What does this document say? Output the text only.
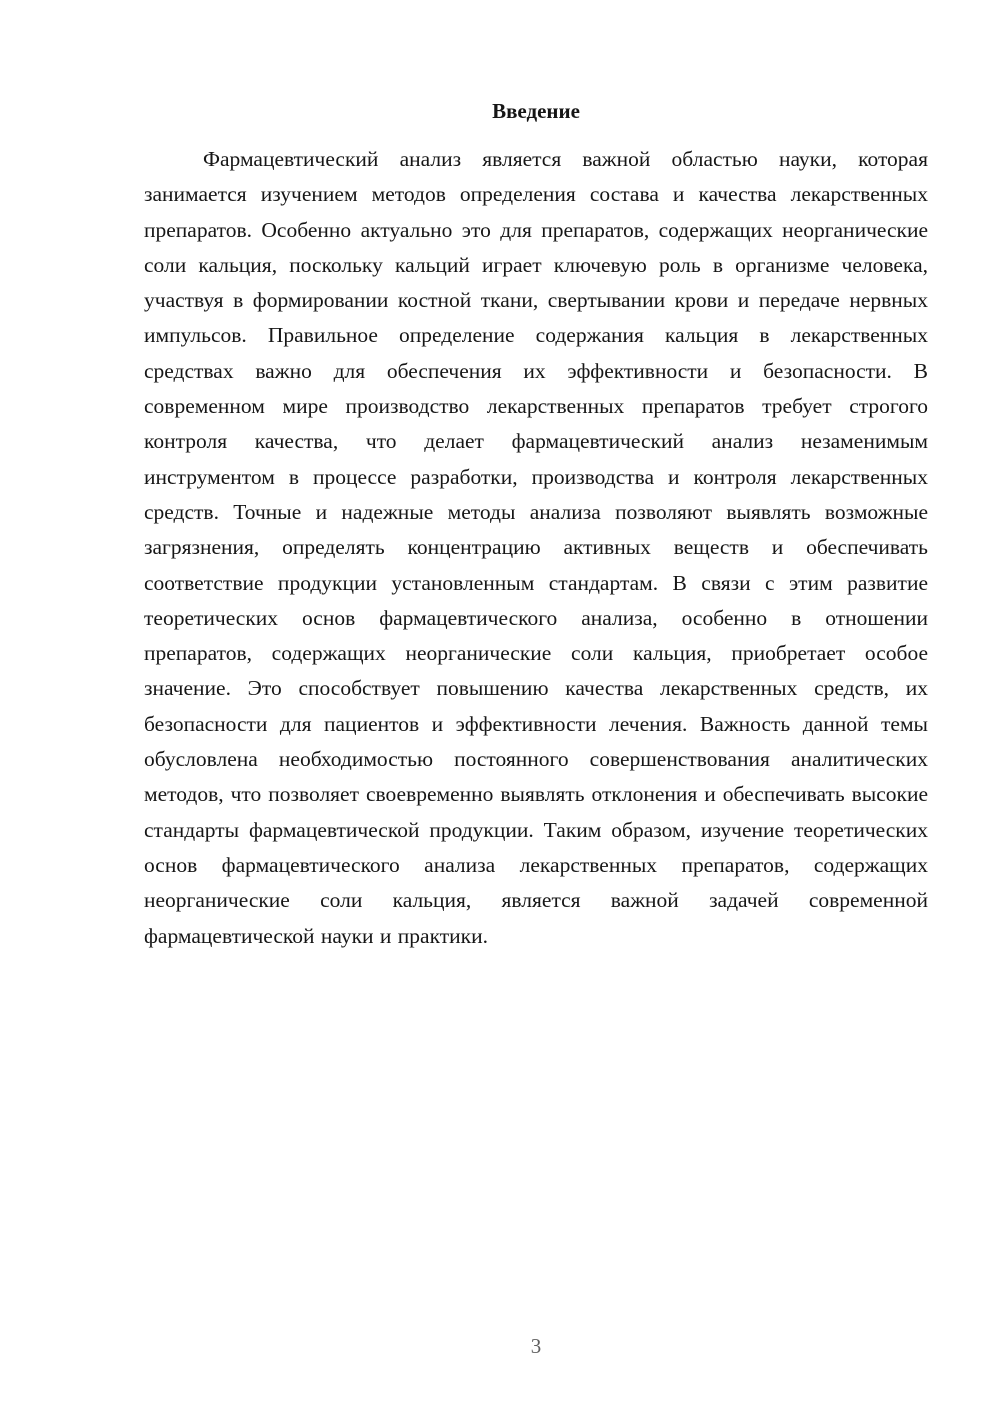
Введение

Фармацевтический анализ является важной областью науки, которая занимается изучением методов определения состава и качества лекарственных препаратов. Особенно актуально это для препаратов, содержащих неорганические соли кальция, поскольку кальций играет ключевую роль в организме человека, участвуя в формировании костной ткани, свертывании крови и передаче нервных импульсов. Правильное определение содержания кальция в лекарственных средствах важно для обеспечения их эффективности и безопасности. В современном мире производство лекарственных препаратов требует строгого контроля качества, что делает фармацевтический анализ незаменимым инструментом в процессе разработки, производства и контроля лекарственных средств. Точные и надежные методы анализа позволяют выявлять возможные загрязнения, определять концентрацию активных веществ и обеспечивать соответствие продукции установленным стандартам. В связи с этим развитие теоретических основ фармацевтического анализа, особенно в отношении препаратов, содержащих неорганические соли кальция, приобретает особое значение. Это способствует повышению качества лекарственных средств, их безопасности для пациентов и эффективности лечения. Важность данной темы обусловлена необходимостью постоянного совершенствования аналитических методов, что позволяет своевременно выявлять отклонения и обеспечивать высокие стандарты фармацевтической продукции. Таким образом, изучение теоретических основ фармацевтического анализа лекарственных препаратов, содержащих неорганические соли кальция, является важной задачей современной фармацевтической науки и практики.

3
